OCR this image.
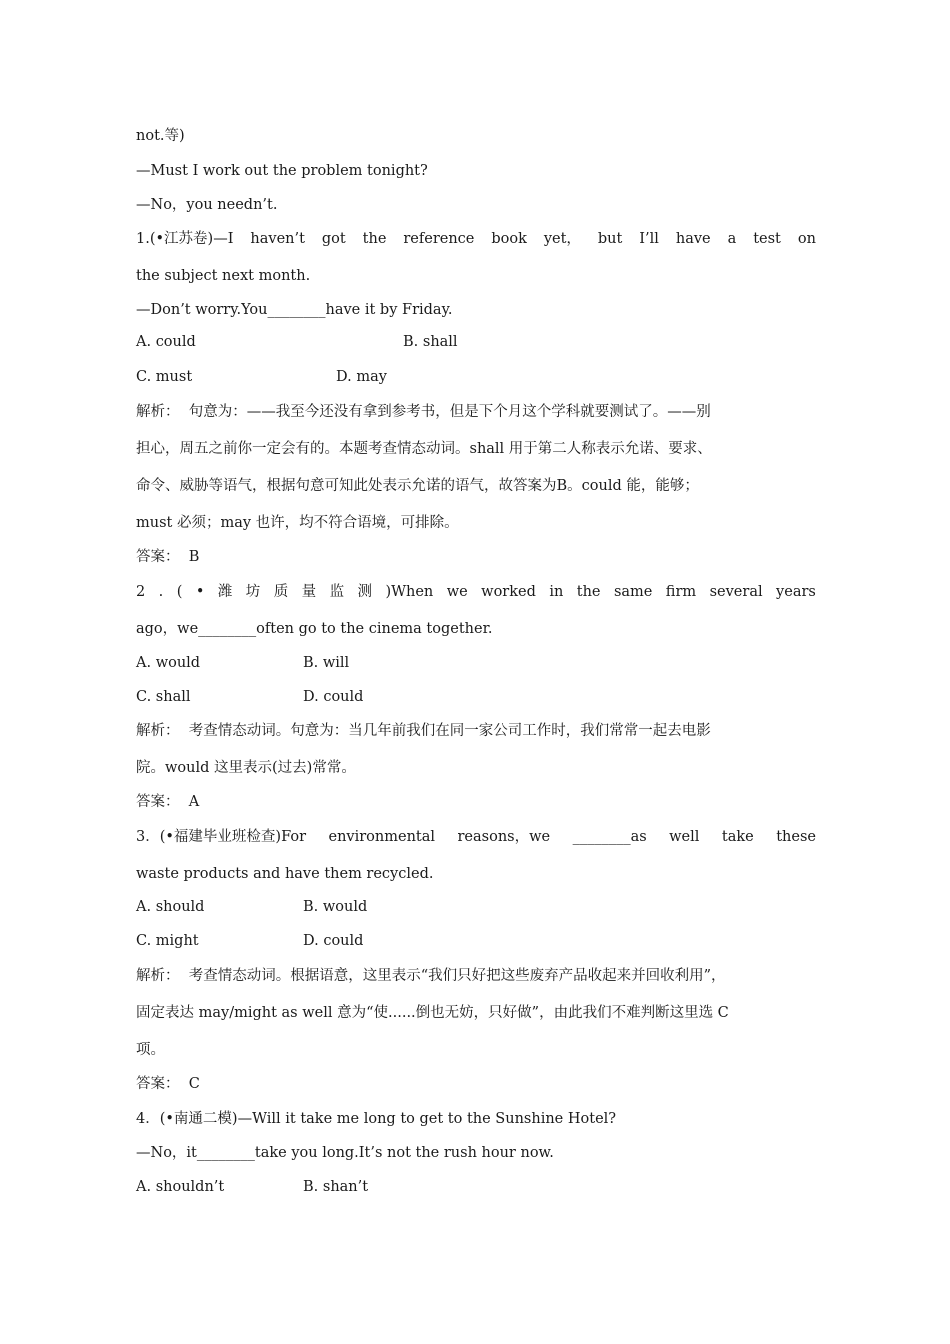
not.等)
—Must I work out the problem tonight?
—No，you needn’t.
1.(•江苏卷)—I haven’t got the reference book yet， but I’ll have a test on
the subject next month.
—Don’t worry.You________have it by Friday.
A. could	B. shall
C. must	D. may
解析：  句意为：——我至今还没有拿到参考书，但是下个月这个学科就要测试了。——别
担心，周五之前你一定会有的。本题考查情态动词。shall 用于第二人称表示允诺、要求、
命令、威胁等语气，根据句意可知此处表示允诺的语气，故答案为B。could 能，能够；
must 必须；may 也许，均不符合语境，可排除。
答案：  B
2 . ( • 潍 坊 质 量 监 测 )When we worked in the same firm several years
ago，we________often go to the cinema together.
A. would	B. will
C. shall	D. could
解析：  考查情态动词。句意为：当几年前我们在同一家公司工作时，我们常常一起去电影
院。would 这里表示(过去)常常。
答案：  A
3．(•福建毕业班检查)For environmental reasons，we ________as well take these
waste products and have them recycled.
A. should	B. would
C. might	D. could
解析：  考查情态动词。根据语意，这里表示“我们只好把这些废弃产品收起来并回收利用”，
固定表达 may/might as well 意为“使......倒也无妨，只好做”，由此我们不难判断这里选 C
项。
答案：  C
4．(•南通二模)—Will it take me long to get to the Sunshine Hotel?
—No，it________take you long.It’s not the rush hour now.
A. shouldn’t	B. shan’t
